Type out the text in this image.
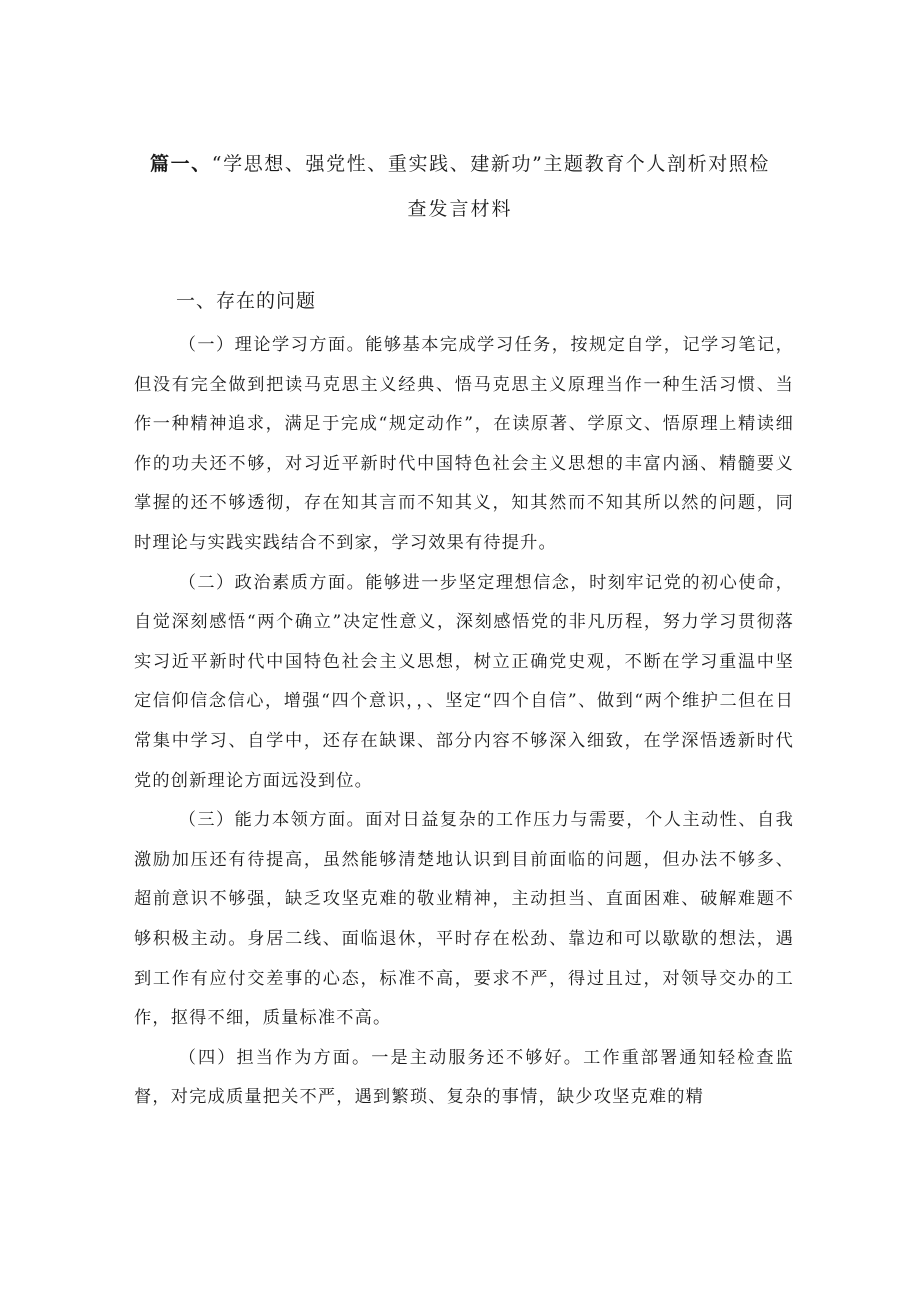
篇一、“学思想、强党性、重实践、建新功”主题教育个人剖析对照检
查发言材料
一、存在的问题

（一）理论学习方面。能够基本完成学习任务，按规定自学，记学习笔记，但没有完全做到把读马克思主义经典、悟马克思主义原理当作一种生活习惯、当作一种精神追求，满足于完成“规定动作”，在读原著、学原文、悟原理上精读细作的功夫还不够，对习近平新时代中国特色社会主义思想的丰富内涵、精髓要义掌握的还不够透彻，存在知其言而不知其义，知其然而不知其所以然的问题，同时理论与实践实践结合不到家，学习效果有待提升。

（二）政治素质方面。能够进一步坚定理想信念，时刻牢记党的初心使命，自觉深刻感悟“两个确立”决定性意义，深刻感悟党的非凡历程，努力学习贯彻落实习近平新时代中国特色社会主义思想，树立正确党史观，不断在学习重温中坚定信仰信念信心，增强“四个意识，，、坚定“四个自信”、做到“两个维护二但在日常集中学习、自学中，还存在缺课、部分内容不够深入细致，在学深悟透新时代党的创新理论方面远没到位。

（三）能力本领方面。面对日益复杂的工作压力与需要，个人主动性、自我激励加压还有待提高，虽然能够清楚地认识到目前面临的问题，但办法不够多、超前意识不够强，缺乏攻坚克难的敬业精神，主动担当、直面困难、破解难题不够积极主动。身居二线、面临退休，平时存在松劲、靠边和可以歇歇的想法，遇到工作有应付交差事的心态，标准不高，要求不严，得过且过，对领导交办的工作，抠得不细，质量标准不高。

（四）担当作为方面。一是主动服务还不够好。工作重部署通知轻检查监督，对完成质量把关不严，遇到繁琐、复杂的事情，缺少攻坚克难的精
